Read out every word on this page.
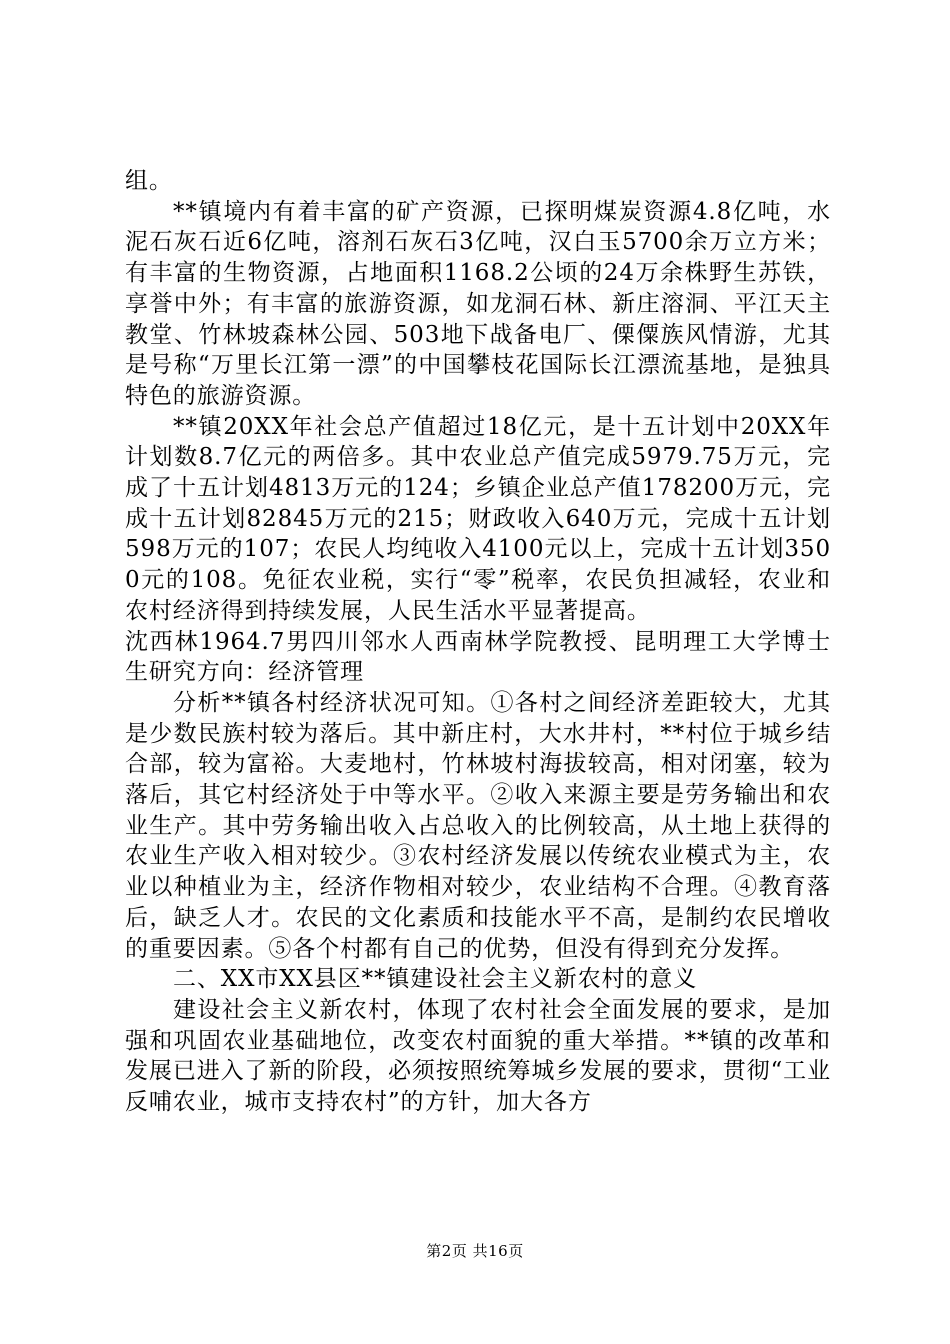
组。

**镇境内有着丰富的矿产资源，已探明煤炭资源4.8亿吨，水泥石灰石近6亿吨，溶剂石灰石3亿吨，汉白玉5700余万立方米；有丰富的生物资源，占地面积1168.2公顷的24万余株野生苏铁，享誉中外；有丰富的旅游资源，如龙洞石林、新庄溶洞、平江天主教堂、竹林坡森林公园、503地下战备电厂、傈僳族风情游，尤其是号称“万里长江第一漂”的中国攀枝花国际长江漂流基地，是独具特色的旅游资源。

**镇20XX年社会总产值超过18亿元，是十五计划中20XX年计划数8.7亿元的两倍多。其中农业总产值完成5979.75万元，完成了十五计划4813万元的124；乡镇企业总产值178200万元，完成十五计划82845万元的215；财政收入640万元，完成十五计划598万元的107；农民人均纯收入4100元以上，完成十五计划3500元的108。免征农业税，实行“零”税率，农民负担减轻，农业和农村经济得到持续发展，人民生活水平显著提高。

沈西林1964.7男四川邻水人西南林学院教授、昆明理工大学博士生研究方向：经济管理

分析**镇各村经济状况可知。①各村之间经济差距较大，尤其是少数民族村较为落后。其中新庄村，大水井村，**村位于城乡结合部，较为富裕。大麦地村，竹林坡村海拔较高，相对闭塞，较为落后，其它村经济处于中等水平。②收入来源主要是劳务输出和农业生产。其中劳务输出收入占总收入的比例较高，从土地上获得的农业生产收入相对较少。③农村经济发展以传统农业模式为主，农业以种植业为主，经济作物相对较少，农业结构不合理。④教育落后，缺乏人才。农民的文化素质和技能水平不高，是制约农民增收的重要因素。⑤各个村都有自己的优势，但没有得到充分发挥。

二、XX市XX县区**镇建设社会主义新农村的意义

建设社会主义新农村，体现了农村社会全面发展的要求，是加强和巩固农业基础地位，改变农村面貌的重大举措。**镇的改革和发展已进入了新的阶段，必须按照统筹城乡发展的要求，贯彻“工业反哺农业，城市支持农村”的方针，加大各方

第2页 共16页
